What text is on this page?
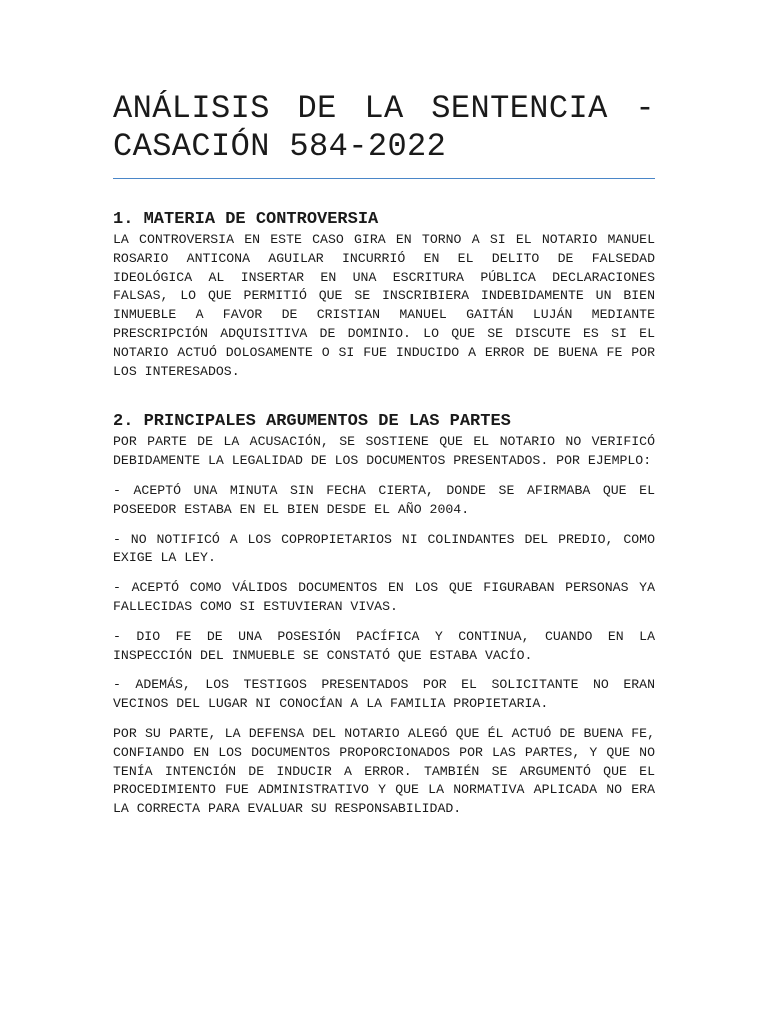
ANÁLISIS DE LA SENTENCIA - CASACIÓN 584-2022
1. MATERIA DE CONTROVERSIA

LA CONTROVERSIA EN ESTE CASO GIRA EN TORNO A SI EL NOTARIO MANUEL ROSARIO ANTICONA AGUILAR INCURRIÓ EN EL DELITO DE FALSEDAD IDEOLÓGICA AL INSERTAR EN UNA ESCRITURA PÚBLICA DECLARACIONES FALSAS, LO QUE PERMITIÓ QUE SE INSCRIBIERA INDEBIDAMENTE UN BIEN INMUEBLE A FAVOR DE CRISTIAN MANUEL GAITÁN LUJÁN MEDIANTE PRESCRIPCIÓN ADQUISITIVA DE DOMINIO. LO QUE SE DISCUTE ES SI EL NOTARIO ACTUÓ DOLOSAMENTE O SI FUE INDUCIDO A ERROR DE BUENA FE POR LOS INTERESADOS.

2. PRINCIPALES ARGUMENTOS DE LAS PARTES

POR PARTE DE LA ACUSACIÓN, SE SOSTIENE QUE EL NOTARIO NO VERIFICÓ DEBIDAMENTE LA LEGALIDAD DE LOS DOCUMENTOS PRESENTADOS. POR EJEMPLO:

- ACEPTÓ UNA MINUTA SIN FECHA CIERTA, DONDE SE AFIRMABA QUE EL POSEEDOR ESTABA EN EL BIEN DESDE EL AÑO 2004.

- NO NOTIFICÓ A LOS COPROPIETARIOS NI COLINDANTES DEL PREDIO, COMO EXIGE LA LEY.

- ACEPTÓ COMO VÁLIDOS DOCUMENTOS EN LOS QUE FIGURABAN PERSONAS YA FALLECIDAS COMO SI ESTUVIERAN VIVAS.

- DIO FE DE UNA POSESIÓN PACÍFICA Y CONTINUA, CUANDO EN LA INSPECCIÓN DEL INMUEBLE SE CONSTATÓ QUE ESTABA VACÍO.

- ADEMÁS, LOS TESTIGOS PRESENTADOS POR EL SOLICITANTE NO ERAN VECINOS DEL LUGAR NI CONOCÍAN A LA FAMILIA PROPIETARIA.

POR SU PARTE, LA DEFENSA DEL NOTARIO ALEGÓ QUE ÉL ACTUÓ DE BUENA FE, CONFIANDO EN LOS DOCUMENTOS PROPORCIONADOS POR LAS PARTES, Y QUE NO TENÍA INTENCIÓN DE INDUCIR A ERROR. TAMBIÉN SE ARGUMENTÓ QUE EL PROCEDIMIENTO FUE ADMINISTRATIVO Y QUE LA NORMATIVA APLICADA NO ERA LA CORRECTA PARA EVALUAR SU RESPONSABILIDAD.
